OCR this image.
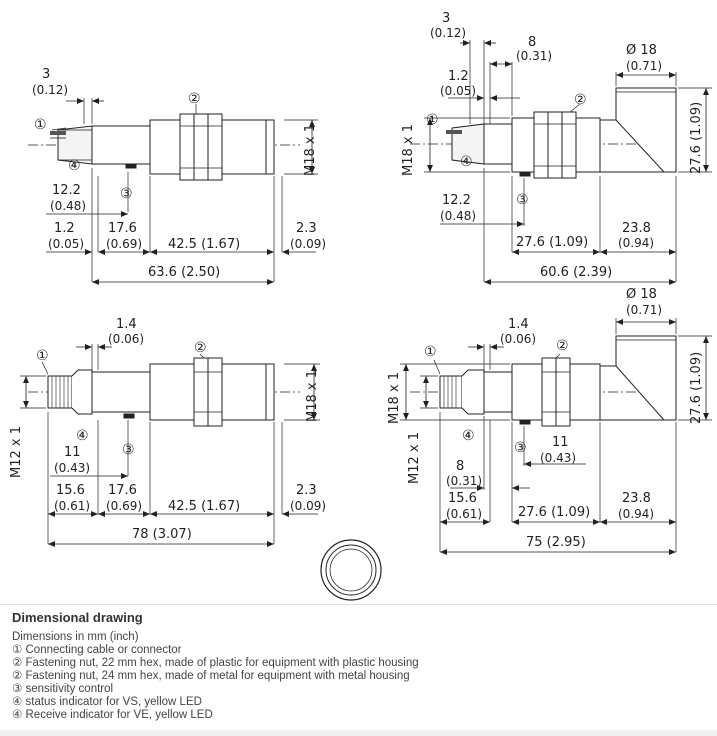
3
(0.12)
①
④
②
③
12.2
(0.48)
1.2
(0.05)
17.6
(0.69) 42.5 (1.67)
2.3
(0.09)
63.6 (2.50)
M18 x 1
3
(0.12)
8
(0.31)
1.2
(0.05)
Ø 18
(0.71)
①
②
④
③
M18 x 1	27.6 (1.09)
12.2
(0.48)
27.6 (1.09)
23.8
(0.94)
60.6 (2.39)
1.4
(0.06)
①	②
④
③
M12 x 1
M18 x 1
11
(0.43)
15.6
(0.61)
17.6
(0.69) 42.5 (1.67)
2.3
(0.09)
78 (3.07)
1.4
(0.06)
Ø 18
(0.71)
①	②
④
③
M18 x 1
M12 x 1
27.6 (1.09)
11
(0.43)
8
(0.31)
15.6
(0.61)	27.6 (1.09)
23.8
(0.94)
75 (2.95)
Dimensional drawing
Dimensions in mm (inch)
① Connecting cable or connector
② Fastening nut, 22 mm hex, made of plastic for equipment with plastic housing
② Fastening nut, 24 mm hex, made of metal for equipment with metal housing
③ sensitivity control
④ status indicator for VS, yellow LED
④ Receive indicator for VE, yellow LED
